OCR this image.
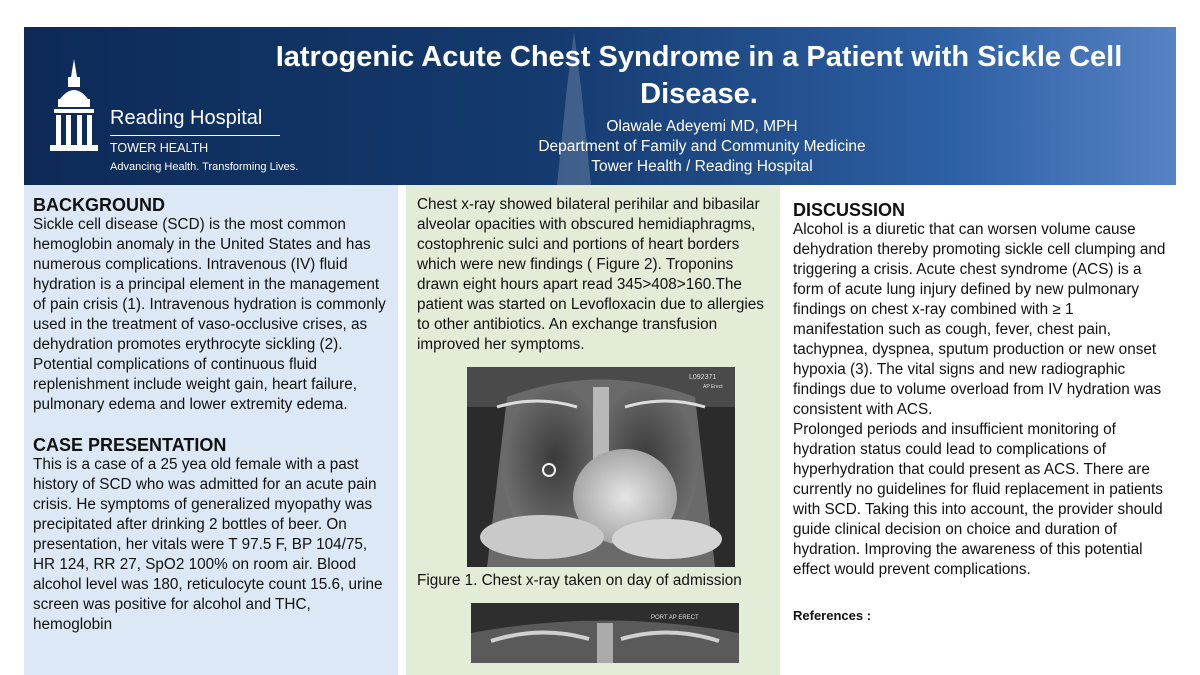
Reading Hospital
TOWER HEALTH
Advancing Health. Transforming Lives.
Iatrogenic Acute Chest Syndrome in a Patient with Sickle Cell Disease.
Olawale Adeyemi MD, MPH
Department of Family and Community Medicine
Tower Health / Reading Hospital
BACKGROUND

Sickle cell disease (SCD) is the most common hemoglobin anomaly in the United States and has numerous complications. Intravenous (IV) fluid hydration is a principal element in the management of pain crisis (1). Intravenous hydration is commonly used in the treatment of vaso-occlusive crises, as dehydration promotes erythrocyte sickling (2). Potential complications of continuous fluid replenishment include weight gain, heart failure, pulmonary edema and lower extremity edema.

CASE PRESENTATION

This is a case of a 25 yea old female with a past history of SCD who was admitted for an acute pain crisis. He symptoms of generalized myopathy was precipitated after drinking 2 bottles of beer. On presentation, her vitals were T 97.5 F, BP 104/75, HR 124, RR 27, SpO2 100% on room air. Blood alcohol level was 180, reticulocyte count 15.6, urine screen was positive for alcohol and THC, hemoglobin

Chest x-ray showed bilateral perihilar and bibasilar alveolar opacities with obscured hemidiaphragms, costophrenic sulci and portions of heart borders which were new findings ( Figure 2). Troponins drawn eight hours apart read 345>408>160.The patient was started on Levofloxacin due to allergies to other antibiotics. An exchange transfusion improved her symptoms.

L092371
AP Erect
Figure 1. Chest x-ray taken on day of admission
PORT AP ERECT
DISCUSSION

Alcohol is a diuretic that can worsen volume cause dehydration thereby promoting sickle cell clumping and triggering a crisis. Acute chest syndrome (ACS) is a form of acute lung injury defined by new pulmonary findings on chest x-ray combined with ≥ 1 manifestation such as cough, fever, chest pain, tachypnea, dyspnea, sputum production or new onset hypoxia (3). The vital signs and new radiographic findings due to volume overload from IV hydration was consistent with ACS.

Prolonged periods and insufficient monitoring of hydration status could lead to complications of hyperhydration that could present as ACS. There are currently no guidelines for fluid replacement in patients with SCD. Taking this into account, the provider should guide clinical decision on choice and duration of hydration. Improving the awareness of this potential effect would prevent complications.

References :
